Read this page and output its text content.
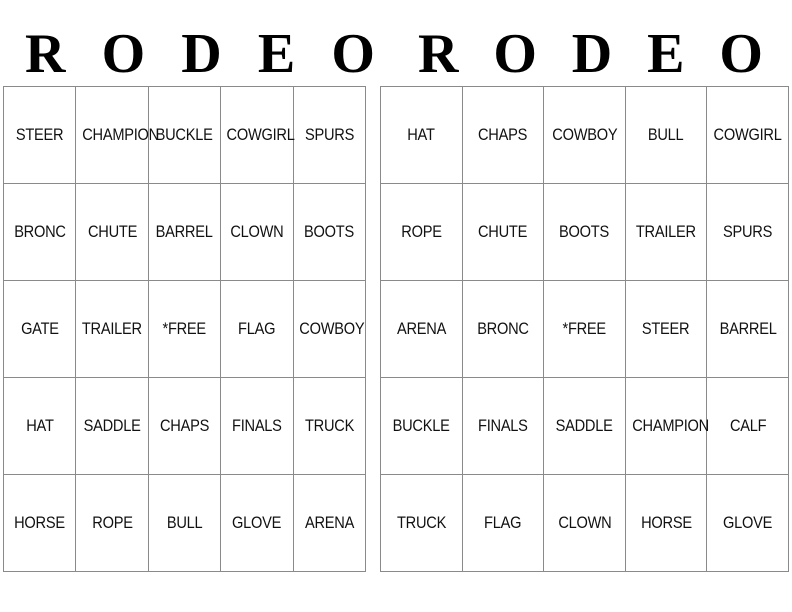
R O D E O
STEER	CHAMPION	BUCKLE	COWGIRL	SPURS
BRONC	CHUTE	BARREL	CLOWN	BOOTS
GATE	TRAILER	*FREE	FLAG	COWBOY
HAT	SADDLE	CHAPS	FINALS	TRUCK
HORSE	ROPE	BULL	GLOVE	ARENA
R O D E O
HAT	CHAPS	COWBOY	BULL	COWGIRL
ROPE	CHUTE	BOOTS	TRAILER	SPURS
ARENA	BRONC	*FREE	STEER	BARREL
BUCKLE	FINALS	SADDLE	CHAMPION	CALF
TRUCK	FLAG	CLOWN	HORSE	GLOVE
